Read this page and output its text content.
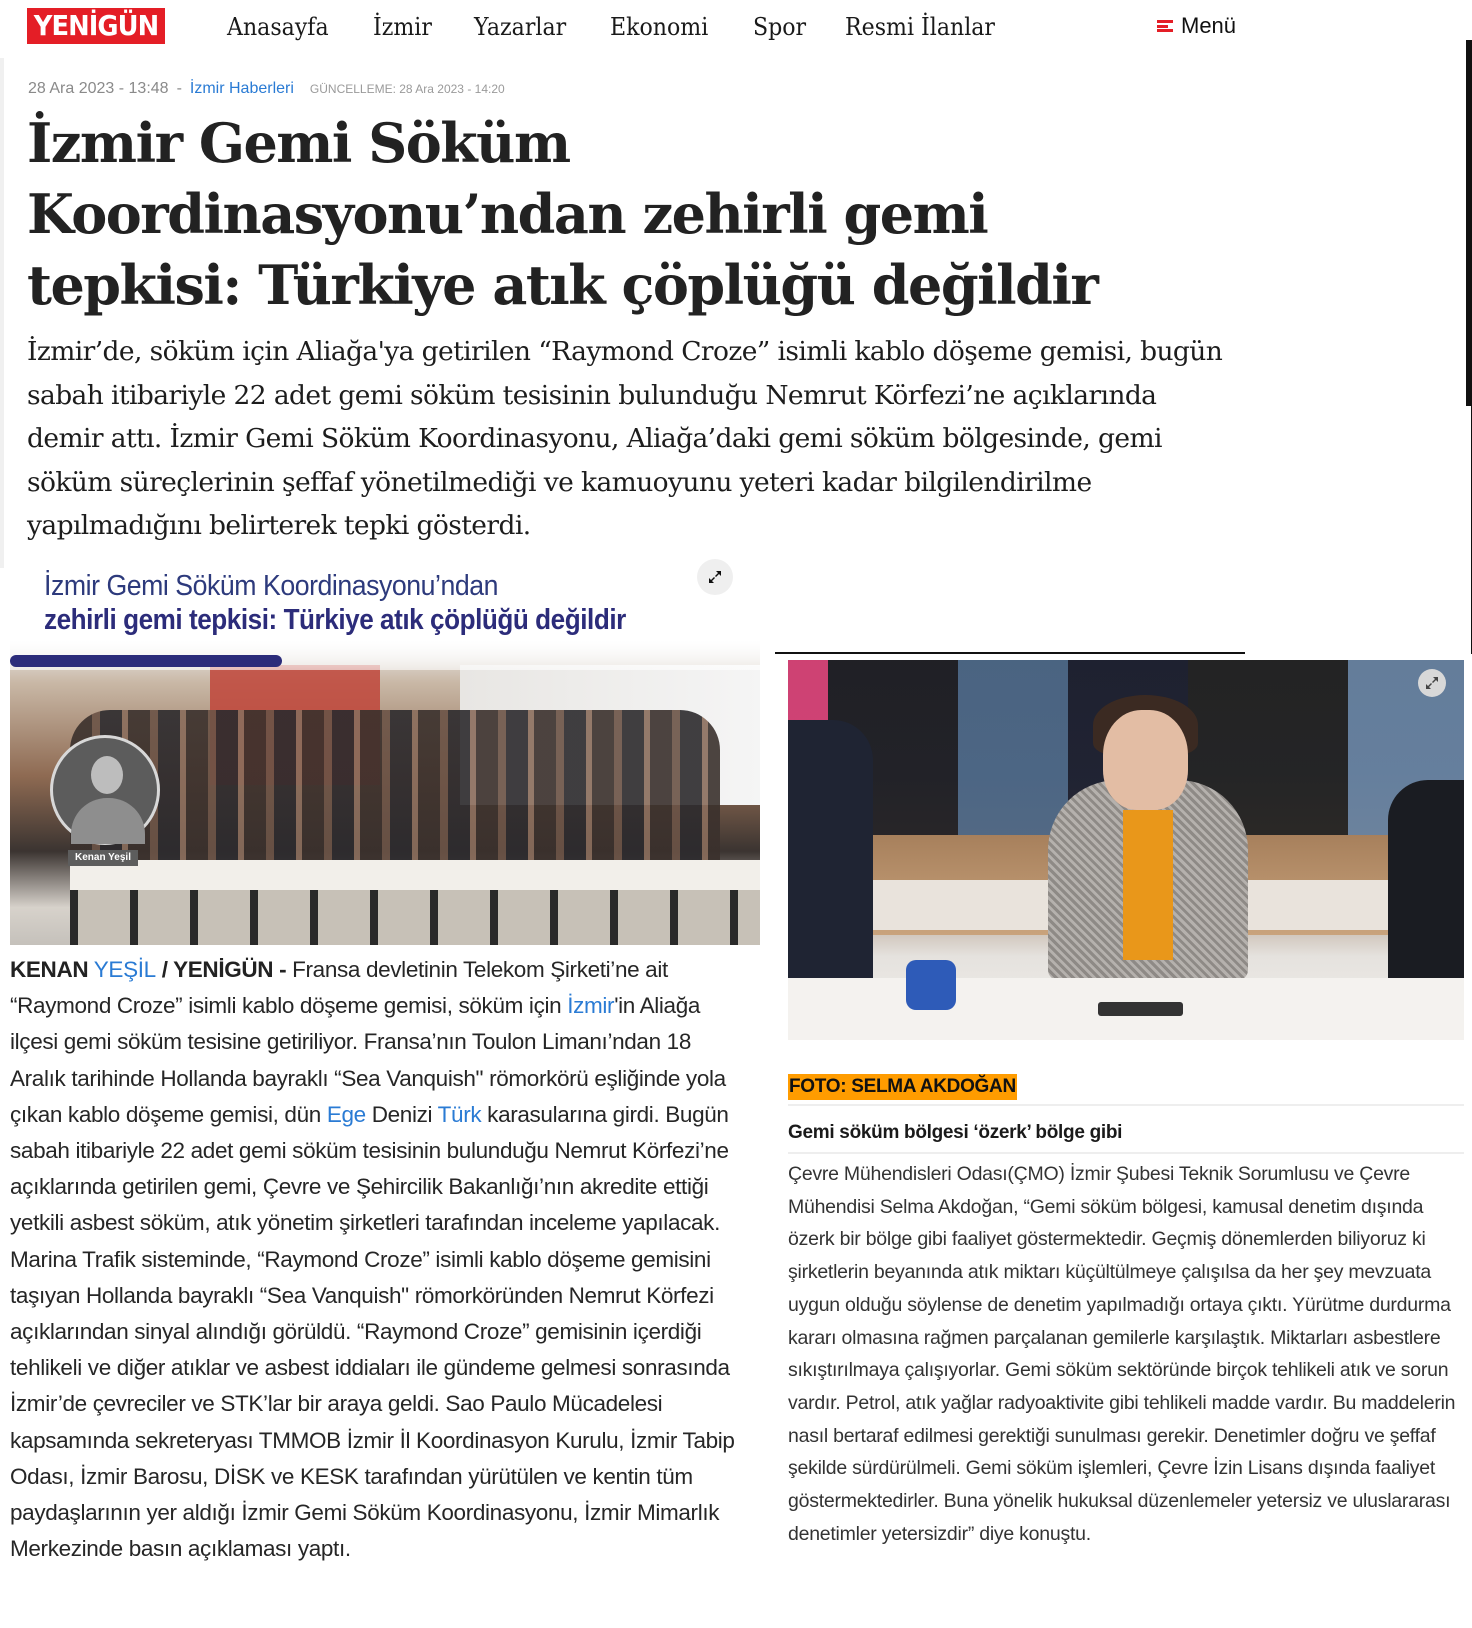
YENİGÜN	Anasayfa İzmir Yazarlar Ekonomi Spor Resmi İlanlar	Menü
28 Ara 2023 - 13:48 - İzmir Haberleri GÜNCELLEME: 28 Ara 2023 - 14:20
İzmir Gemi Söküm Koordinasyonu’ndan zehirli gemi tepkisi: Türkiye atık çöplüğü değildir

İzmir’de, söküm için Aliağa'ya getirilen “Raymond Croze” isimli kablo döşeme gemisi, bugün sabah itibariyle 22 adet gemi söküm tesisinin bulunduğu Nemrut Körfezi’ne açıklarında demir attı. İzmir Gemi Söküm Koordinasyonu, Aliağa’daki gemi söküm bölgesinde, gemi söküm süreçlerinin şeffaf yönetilmediği ve kamuoyunu yeteri kadar bilgilendirilme yapılmadığını belirterek tepki gösterdi.

İzmir Gemi Söküm Koordinasyonu’ndan
zehirli gemi tepkisi: Türkiye atık çöplüğü değildir
Kenan Yeşil
KENAN YEŞİL / YENİGÜN - Fransa devletinin Telekom Şirketi’ne ait “Raymond Croze” isimli kablo döşeme gemisi, söküm için İzmir'in Aliağa ilçesi gemi söküm tesisine getiriliyor. Fransa’nın Toulon Limanı’ndan 18 Aralık tarihinde Hollanda bayraklı “Sea Vanquish" römorkörü eşliğinde yola çıkan kablo döşeme gemisi, dün Ege Denizi Türk karasularına girdi. Bugün sabah itibariyle 22 adet gemi söküm tesisinin bulunduğu Nemrut Körfezi’ne açıklarında getirilen gemi, Çevre ve Şehircilik Bakanlığı’nın akredite ettiği yetkili asbest söküm, atık yönetim şirketleri tarafından inceleme yapılacak. Marina Trafik sisteminde, “Raymond Croze” isimli kablo döşeme gemisini taşıyan Hollanda bayraklı “Sea Vanquish" römorköründen Nemrut Körfezi açıklarından sinyal alındığı görüldü. “Raymond Croze” gemisinin içerdiği tehlikeli ve diğer atıklar ve asbest iddiaları ile gündeme gelmesi sonrasında İzmir’de çevreciler ve STK’lar bir araya geldi. Sao Paulo Mücadelesi kapsamında sekreteryası TMMOB İzmir İl Koordinasyon Kurulu, İzmir Tabip Odası, İzmir Barosu, DİSK ve KESK tarafından yürütülen ve kentin tüm paydaşlarının yer aldığı İzmir Gemi Söküm Koordinasyonu, İzmir Mimarlık Merkezinde basın açıklaması yaptı.
FOTO: SELMA AKDOĞAN
Gemi söküm bölgesi ‘özerk’ bölge gibi

Çevre Mühendisleri Odası(ÇMO) İzmir Şubesi Teknik Sorumlusu ve Çevre Mühendisi Selma Akdoğan, “Gemi söküm bölgesi, kamusal denetim dışında özerk bir bölge gibi faaliyet göstermektedir. Geçmiş dönemlerden biliyoruz ki şirketlerin beyanında atık miktarı küçültülmeye çalışılsa da her şey mevzuata uygun olduğu söylense de denetim yapılmadığı ortaya çıktı. Yürütme durdurma kararı olmasına rağmen parçalanan gemilerle karşılaştık. Miktarları asbestlere sıkıştırılmaya çalışıyorlar. Gemi söküm sektöründe birçok tehlikeli atık ve sorun vardır. Petrol, atık yağlar radyoaktivite gibi tehlikeli madde vardır. Bu maddelerin nasıl bertaraf edilmesi gerektiği sunulması gerekir. Denetimler doğru ve şeffaf şekilde sürdürülmeli. Gemi söküm işlemleri, Çevre İzin Lisans dışında faaliyet göstermektedirler. Buna yönelik hukuksal düzenlemeler yetersiz ve uluslararası denetimler yetersizdir” diye konuştu.
